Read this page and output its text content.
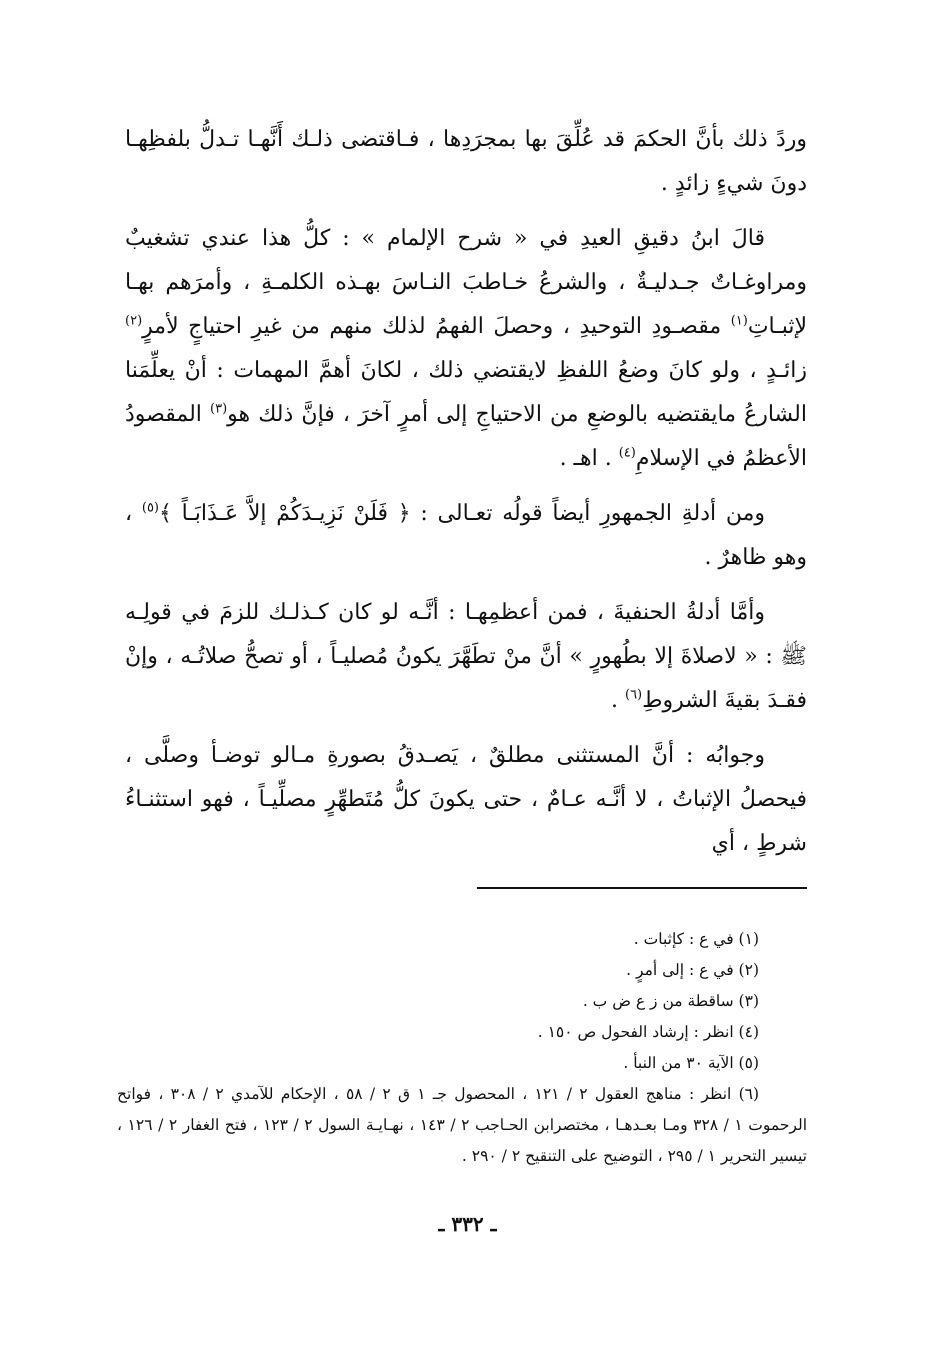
وردً ذلك بأنَّ الحكمَ قد عُلِّقَ بها بمجرَدِها ، فـاقتضى ذلـك أَنَّهـا تـدلُّ بلفظِهـا دونَ شيءٍ زائدٍ .

قالَ ابنُ دقيقِ العيدِ في « شرح الإلمام » : كلُّ هذا عندي تشغيبٌ ومراوغـاتٌ جـدليـةٌ ، والشرعُ خـاطبَ النـاسَ بهـذه الكلمـةِ ، وأمرَهم بهـا لإثبـاتِ$^{(١)}$ مقصـودِ التوحيدِ ، وحصلَ الفهمُ لذلك منهم من غيرِ احتياجٍ لأمرٍ$^{(٢)}$ زائـدٍ ، ولو كانَ وضعُ اللفظِ لايقتضي ذلك ، لكانَ أهمَّ المهمات : أنْ يعلِّمَنا الشارعُ مايقتضيه بالوضعِ من الاحتياجِ إلى أمرٍ آخرَ ، فإنَّ ذلك هو$^{(٣)}$ المقصودُ الأعظمُ في الإسلامِ$^{(٤)}$ . اهـ .

ومن أدلةِ الجمهورِ أيضاً قولُه تعـالى : ﴿ فَلَنْ نَزِيـدَكُمْ إلاَّ عَـذَابَـاً ﴾$^{(٥)}$ ، وهو ظاهرٌ .

وأمَّا أدلةُ الحنفيةَ ، فمن أعظمِهـا : أنَّـه لو كان كـذلـك للزمَ في قولِـه ﷺ : « لاصلاةَ إلا بطُهورٍ » أنَّ منْ تطَهَّرَ يكونُ مُصليـاً ، أو تصحُّ صلاتُـه ، وإنْ فقـدَ بقيةَ الشروطِ$^{(٦)}$ .

وجوابُه : أنَّ المستثنى مطلقٌ ، يَصـدقُ بصورةِ مـالو توضـأ وصلَّى ، فيحصلُ الإثباتُ ، لا أنَّـه عـامٌ ، حتى يكونَ كلُّ مُتَطهِّرٍ مصلِّيـاً ، فهو استثنـاءُ شرطٍ ، أي

(١) في ع : كإثبات .

(٢) في ع : إلى أمرٍ .

(٣) ساقطة من ز ع ض ب .

(٤) انظر : إرشاد الفحول ص ١٥٠ .

(٥) الآية ٣٠ من النبأ .

(٦) انظر : مناهج العقول ٢ / ١٢١ ، المحصول جـ ١ ق ٢ / ٥٨ ، الإحكام للآمدي ٢ / ٣٠٨ ، فواتح الرحموت ١ / ٣٢٨ ومـا بعـدهـا ، مختصرابن الحـاجب ٢ / ١٤٣ ، نهـايـة السول ٢ / ١٢٣ ، فتح الغفار ٢ / ١٢٦ ، تيسير التحرير ١ / ٢٩٥ ، التوضيح على التنقيح ٢ / ٢٩٠ .

ـ ٣٣٢ ـ
